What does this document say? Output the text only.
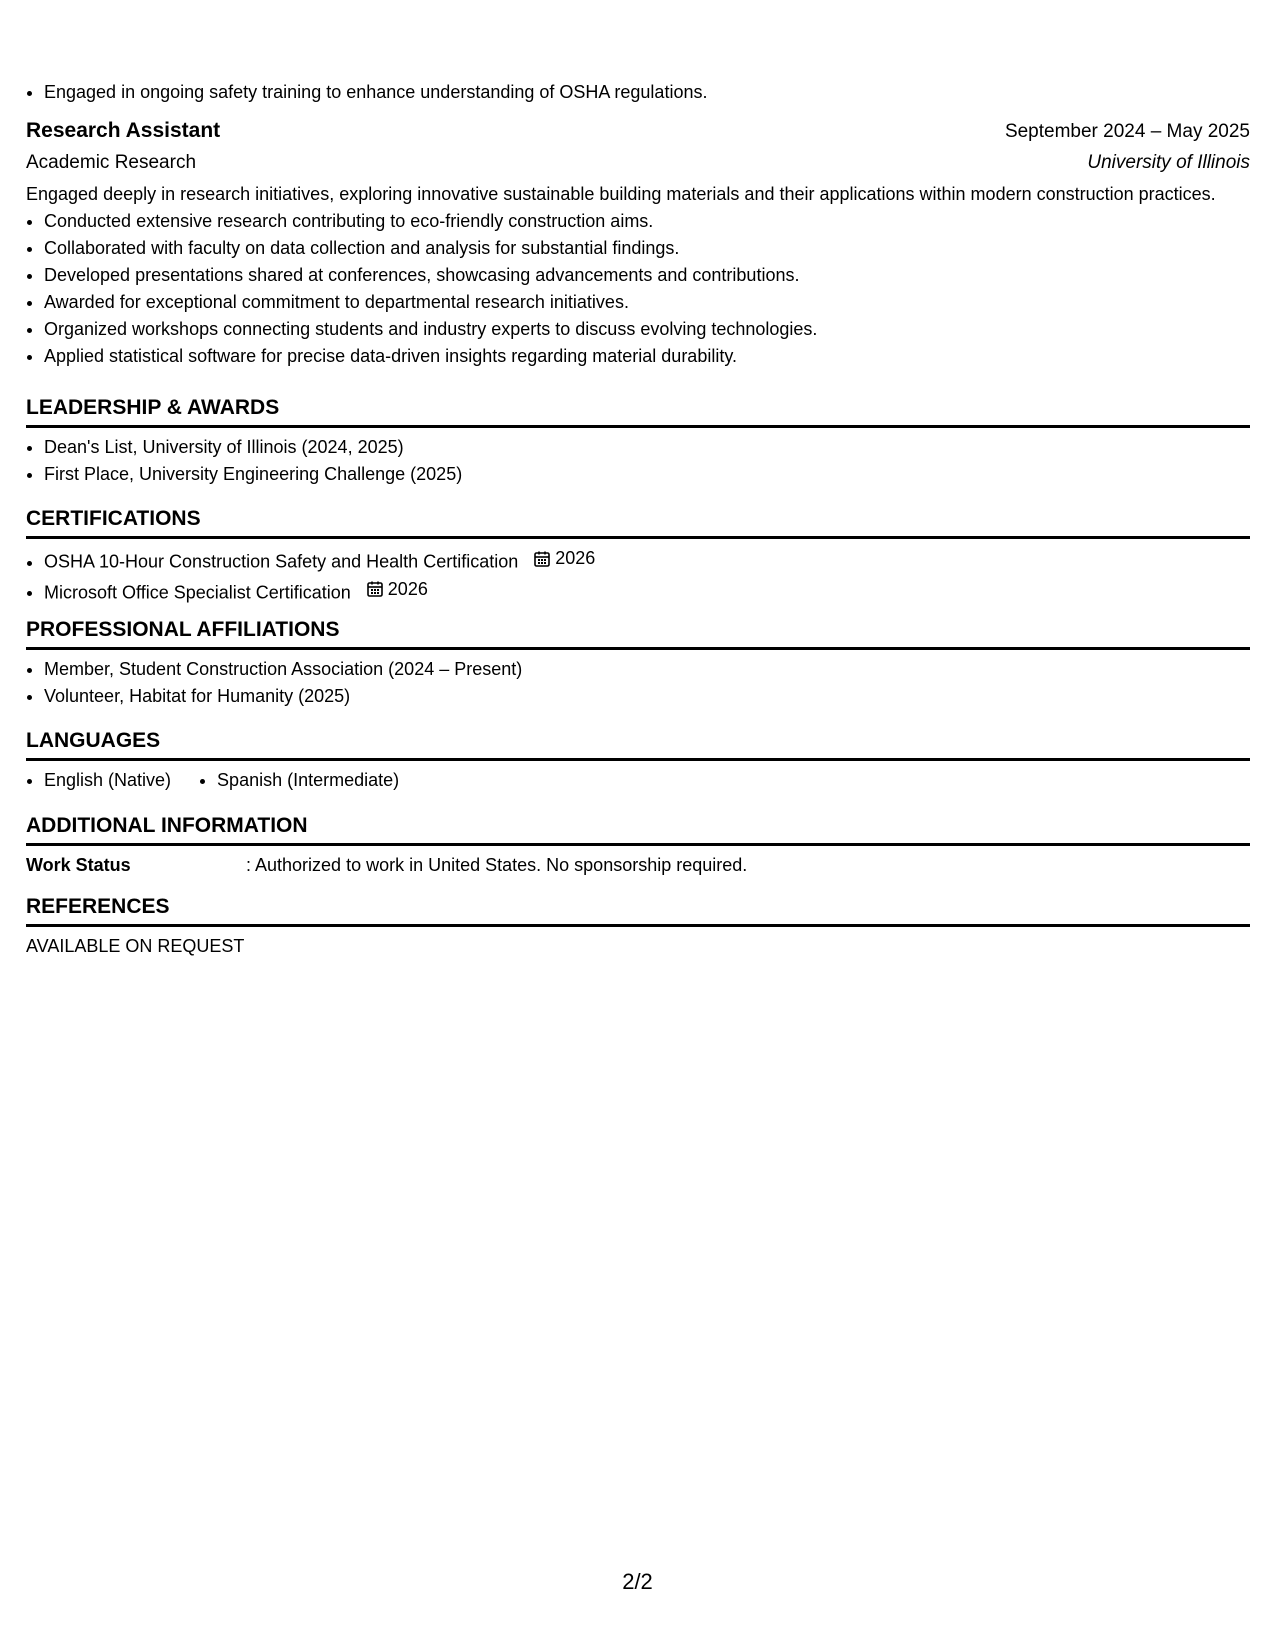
• Engaged in ongoing safety training to enhance understanding of OSHA regulations.
Research Assistant	September 2024 – May 2025
Academic Research	University of Illinois
Engaged deeply in research initiatives, exploring innovative sustainable building materials and their applications within modern construction practices.
• Conducted extensive research contributing to eco-friendly construction aims.
• Collaborated with faculty on data collection and analysis for substantial findings.
• Developed presentations shared at conferences, showcasing advancements and contributions.
• Awarded for exceptional commitment to departmental research initiatives.
• Organized workshops connecting students and industry experts to discuss evolving technologies.
• Applied statistical software for precise data-driven insights regarding material durability.
LEADERSHIP & AWARDS
• Dean's List, University of Illinois (2024, 2025)
• First Place, University Engineering Challenge (2025)
CERTIFICATIONS
• OSHA 10-Hour Construction Safety and Health Certification 2026
• Microsoft Office Specialist Certification 2026
PROFESSIONAL AFFILIATIONS
• Member, Student Construction Association (2024 – Present)
• Volunteer, Habitat for Humanity (2025)
LANGUAGES
• English (Native)
•	Spanish (Intermediate)
ADDITIONAL INFORMATION
Work Status	: Authorized to work in United States. No sponsorship required.
REFERENCES
AVAILABLE ON REQUEST
2/2
